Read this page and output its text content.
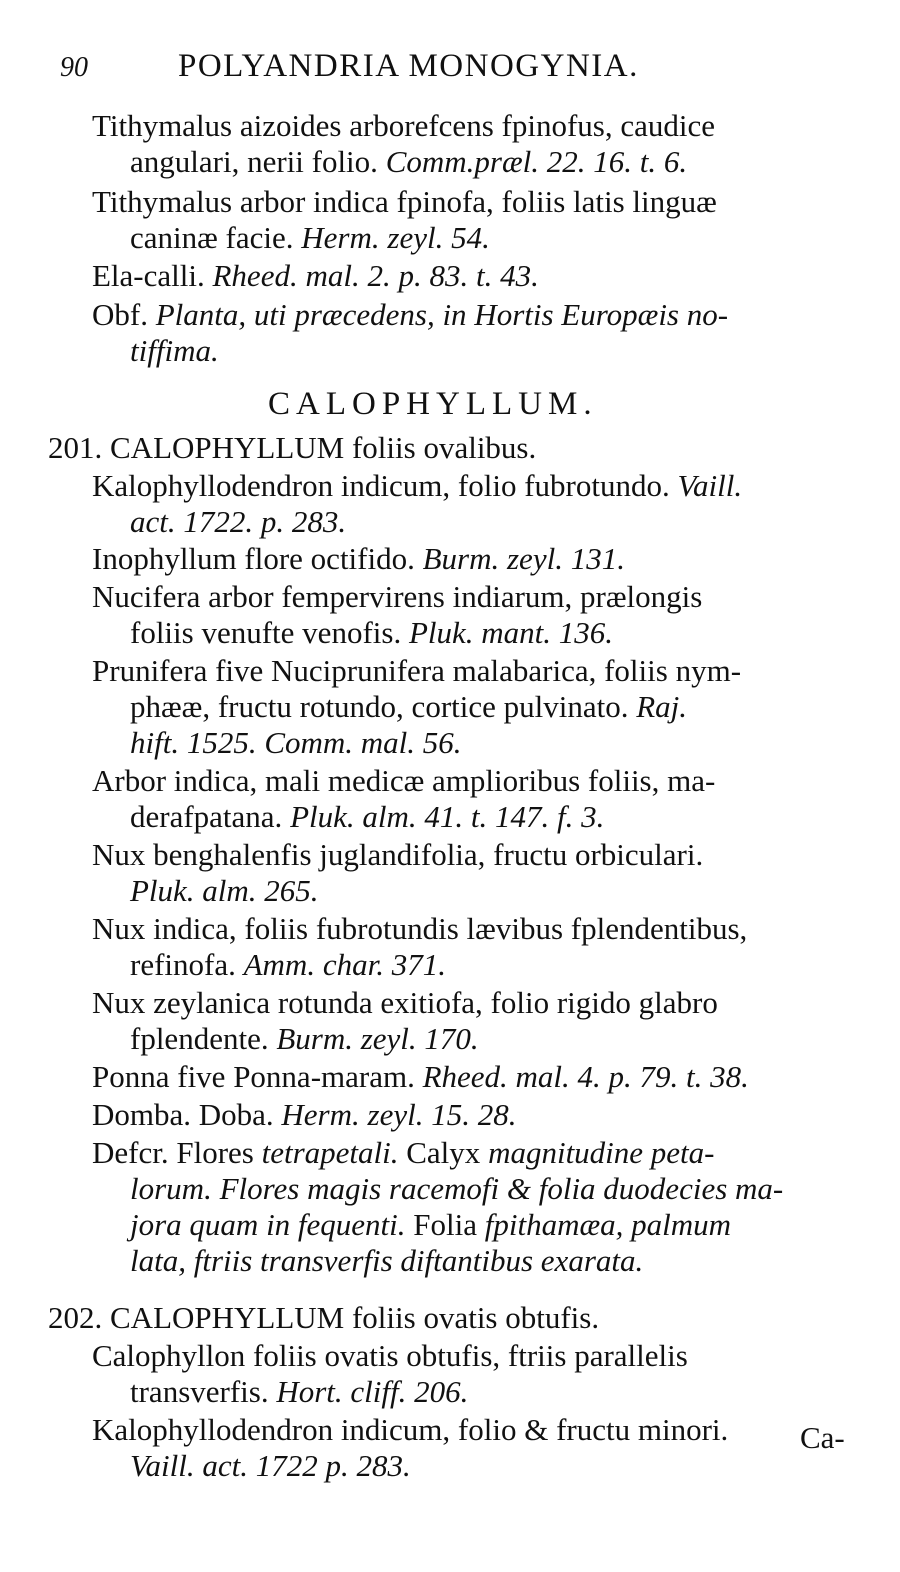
90	POLYANDRIA MONOGYNIA.
CALOPHYLLUM.
Tithymalus aizoides arborefcens fpinofus, caudice
angulari, nerii folio. Comm.præl. 22. 16. t. 6.
Tithymalus arbor indica fpinofa, foliis latis linguæ
caninæ facie. Herm. zeyl. 54.
Ela-calli. Rheed. mal. 2. p. 83. t. 43.
Obf. Planta, uti præcedens, in Hortis Europæis no-
tiffima.
201. CALOPHYLLUM foliis ovalibus.
Kalophyllodendron indicum, folio fubrotundo. Vaill.
act. 1722. p. 283.
Inophyllum flore octifido. Burm. zeyl. 131.
Nucifera arbor fempervirens indiarum, prælongis
foliis venufte venofis. Pluk. mant. 136.
Prunifera five Nuciprunifera malabarica, foliis nym-
phææ, fructu rotundo, cortice pulvinato. Raj.
hift. 1525. Comm. mal. 56.
Arbor indica, mali medicæ amplioribus foliis, ma-
derafpatana. Pluk. alm. 41. t. 147. f. 3.
Nux benghalenfis juglandifolia, fructu orbiculari.
Pluk. alm. 265.
Nux indica, foliis fubrotundis lævibus fplendentibus,
refinofa. Amm. char. 371.
Nux zeylanica rotunda exitiofa, folio rigido glabro
fplendente. Burm. zeyl. 170.
Ponna five Ponna-maram. Rheed. mal. 4. p. 79. t. 38.
Domba. Doba. Herm. zeyl. 15. 28.
Defcr. Flores tetrapetali. Calyx magnitudine peta-
lorum. Flores magis racemofi & folia duodecies ma-
jora quam in fequenti. Folia fpithamæa, palmum
lata, ftriis transverfis diftantibus exarata.
202. CALOPHYLLUM foliis ovatis obtufis.
Calophyllon foliis ovatis obtufis, ftriis parallelis
transverfis. Hort. cliff. 206.
Kalophyllodendron indicum, folio & fructu minori.
Vaill. act. 1722 p. 283.
Ca-
